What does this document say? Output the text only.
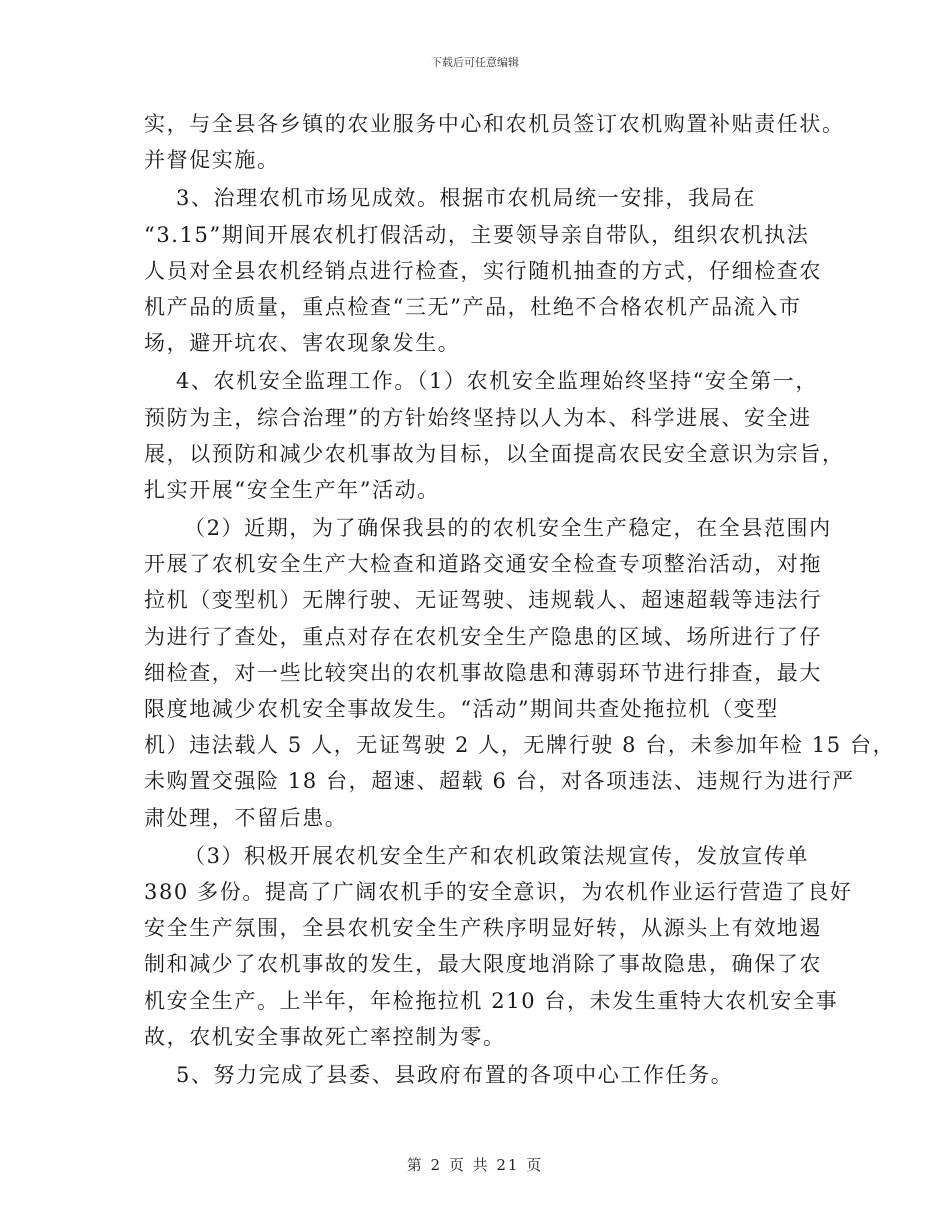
下载后可任意编辑
实，与全县各乡镇的农业服务中心和农机员签订农机购置补贴责任状。
并督促实施。
3、治理农机市场见成效。根据市农机局统一安排，我局在
“3.15”期间开展农机打假活动，主要领导亲自带队，组织农机执法
人员对全县农机经销点进行检查，实行随机抽查的方式，仔细检查农
机产品的质量，重点检查“三无”产品，杜绝不合格农机产品流入市
场，避开坑农、害农现象发生。
4、农机安全监理工作。（1）农机安全监理始终坚持“安全第一，
预防为主，综合治理”的方针始终坚持以人为本、科学进展、安全进
展，以预防和减少农机事故为目标，以全面提高农民安全意识为宗旨，
扎实开展“安全生产年”活动。
（2）近期，为了确保我县的的农机安全生产稳定，在全县范围内
开展了农机安全生产大检查和道路交通安全检查专项整治活动，对拖
拉机（变型机）无牌行驶、无证驾驶、违规载人、超速超载等违法行
为进行了查处，重点对存在农机安全生产隐患的区域、场所进行了仔
细检查，对一些比较突出的农机事故隐患和薄弱环节进行排查，最大
限度地减少农机安全事故发生。“活动”期间共查处拖拉机（变型
机）违法载人 5 人，无证驾驶 2 人，无牌行驶 8 台，未参加年检 15 台，
未购置交强险 18 台，超速、超载 6 台，对各项违法、违规行为进行严
肃处理，不留后患。
（3）积极开展农机安全生产和农机政策法规宣传，发放宣传单
380 多份。提高了广阔农机手的安全意识，为农机作业运行营造了良好
安全生产氛围，全县农机安全生产秩序明显好转，从源头上有效地遏
制和减少了农机事故的发生，最大限度地消除了事故隐患，确保了农
机安全生产。上半年，年检拖拉机 210 台，未发生重特大农机安全事
故，农机安全事故死亡率控制为零。
5、努力完成了县委、县政府布置的各项中心工作任务。
第 2 页 共 21 页
